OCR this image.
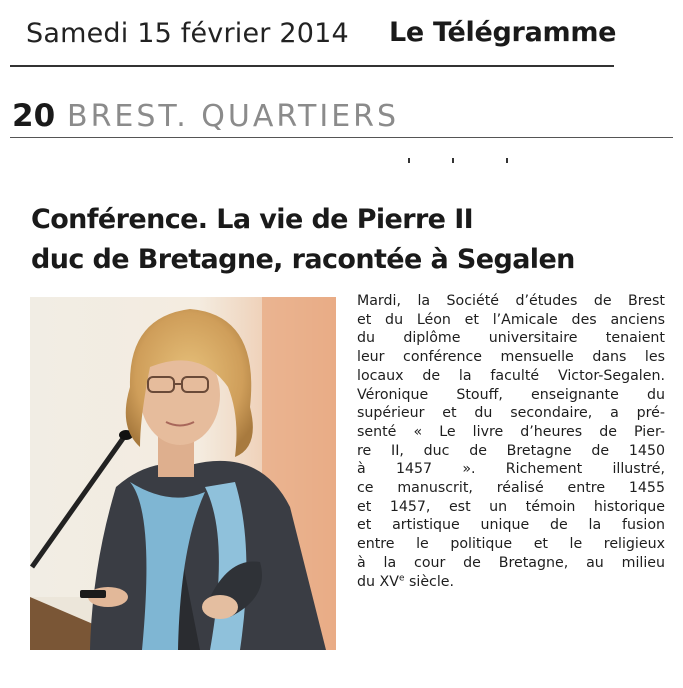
Samedi 15 février 2014 Le Télégramme
20 BREST. QUARTIERS
Conférence. La vie de Pierre II
duc de Bretagne, racontée à Segalen
Mardi, la Société d’études de Brest
et du Léon et l’Amicale des anciens
du diplôme universitaire tenaient
leur conférence mensuelle dans les
locaux de la faculté Victor-Segalen.
Véronique Stouff, enseignante du
supérieur et du secondaire, a pré-
senté « Le livre d’heures de Pier-
re II, duc de Bretagne de 1450
à 1457 ». Richement illustré,
ce manuscrit, réalisé entre 1455
et 1457, est un témoin historique
et artistique unique de la fusion
entre le politique et le religieux
à la cour de Bretagne, au milieu
du XVe siècle.
